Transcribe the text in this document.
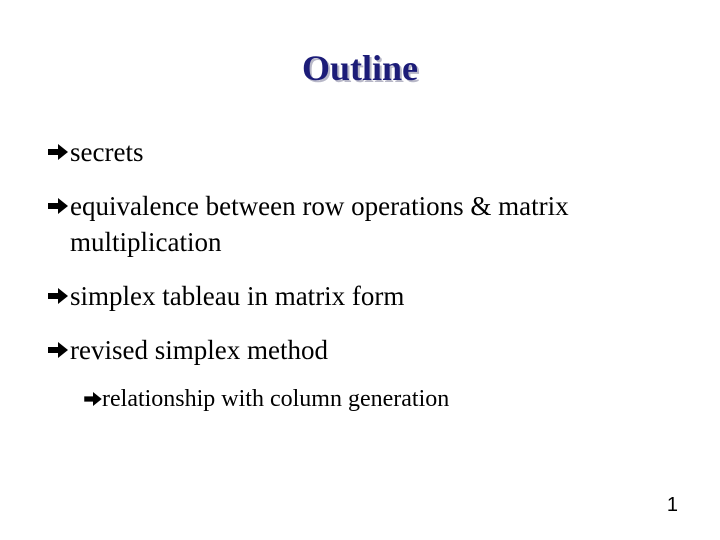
Outline
secrets
equivalence between row operations & matrix multiplication
simplex tableau in matrix form
revised simplex method
relationship with column generation
1
